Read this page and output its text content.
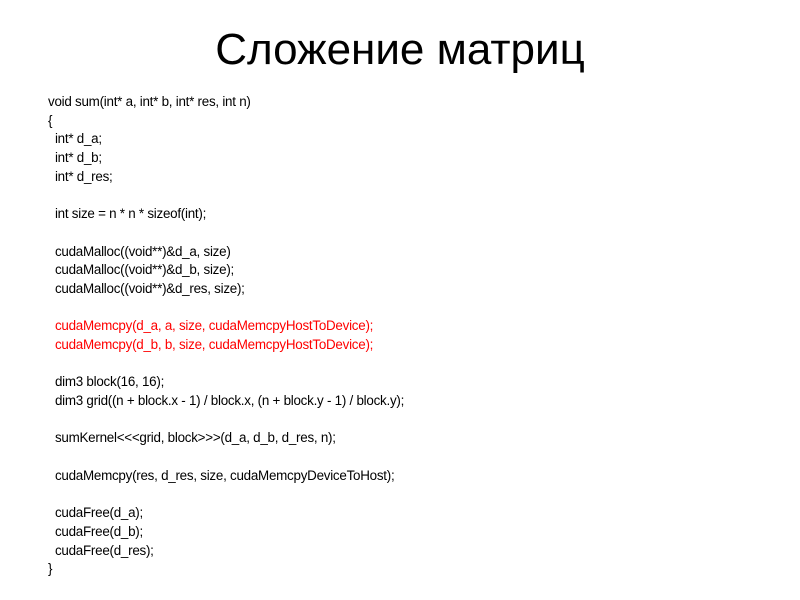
Сложение матриц
void sum(int* a, int* b, int* res, int n)
{
int* d_a;
int* d_b;
int* d_res;
int size = n * n * sizeof(int);
cudaMalloc((void**)&d_a, size)
cudaMalloc((void**)&d_b, size);
cudaMalloc((void**)&d_res, size);
cudaMemcpy(d_a, a, size, cudaMemcpyHostToDevice);
cudaMemcpy(d_b, b, size, cudaMemcpyHostToDevice);
dim3 block(16, 16);
dim3 grid((n + block.x - 1) / block.x, (n + block.y - 1) / block.y);
sumKernel<<<grid, block>>>(d_a, d_b, d_res, n);
cudaMemcpy(res, d_res, size, cudaMemcpyDeviceToHost);
cudaFree(d_a);
cudaFree(d_b);
cudaFree(d_res);
}
